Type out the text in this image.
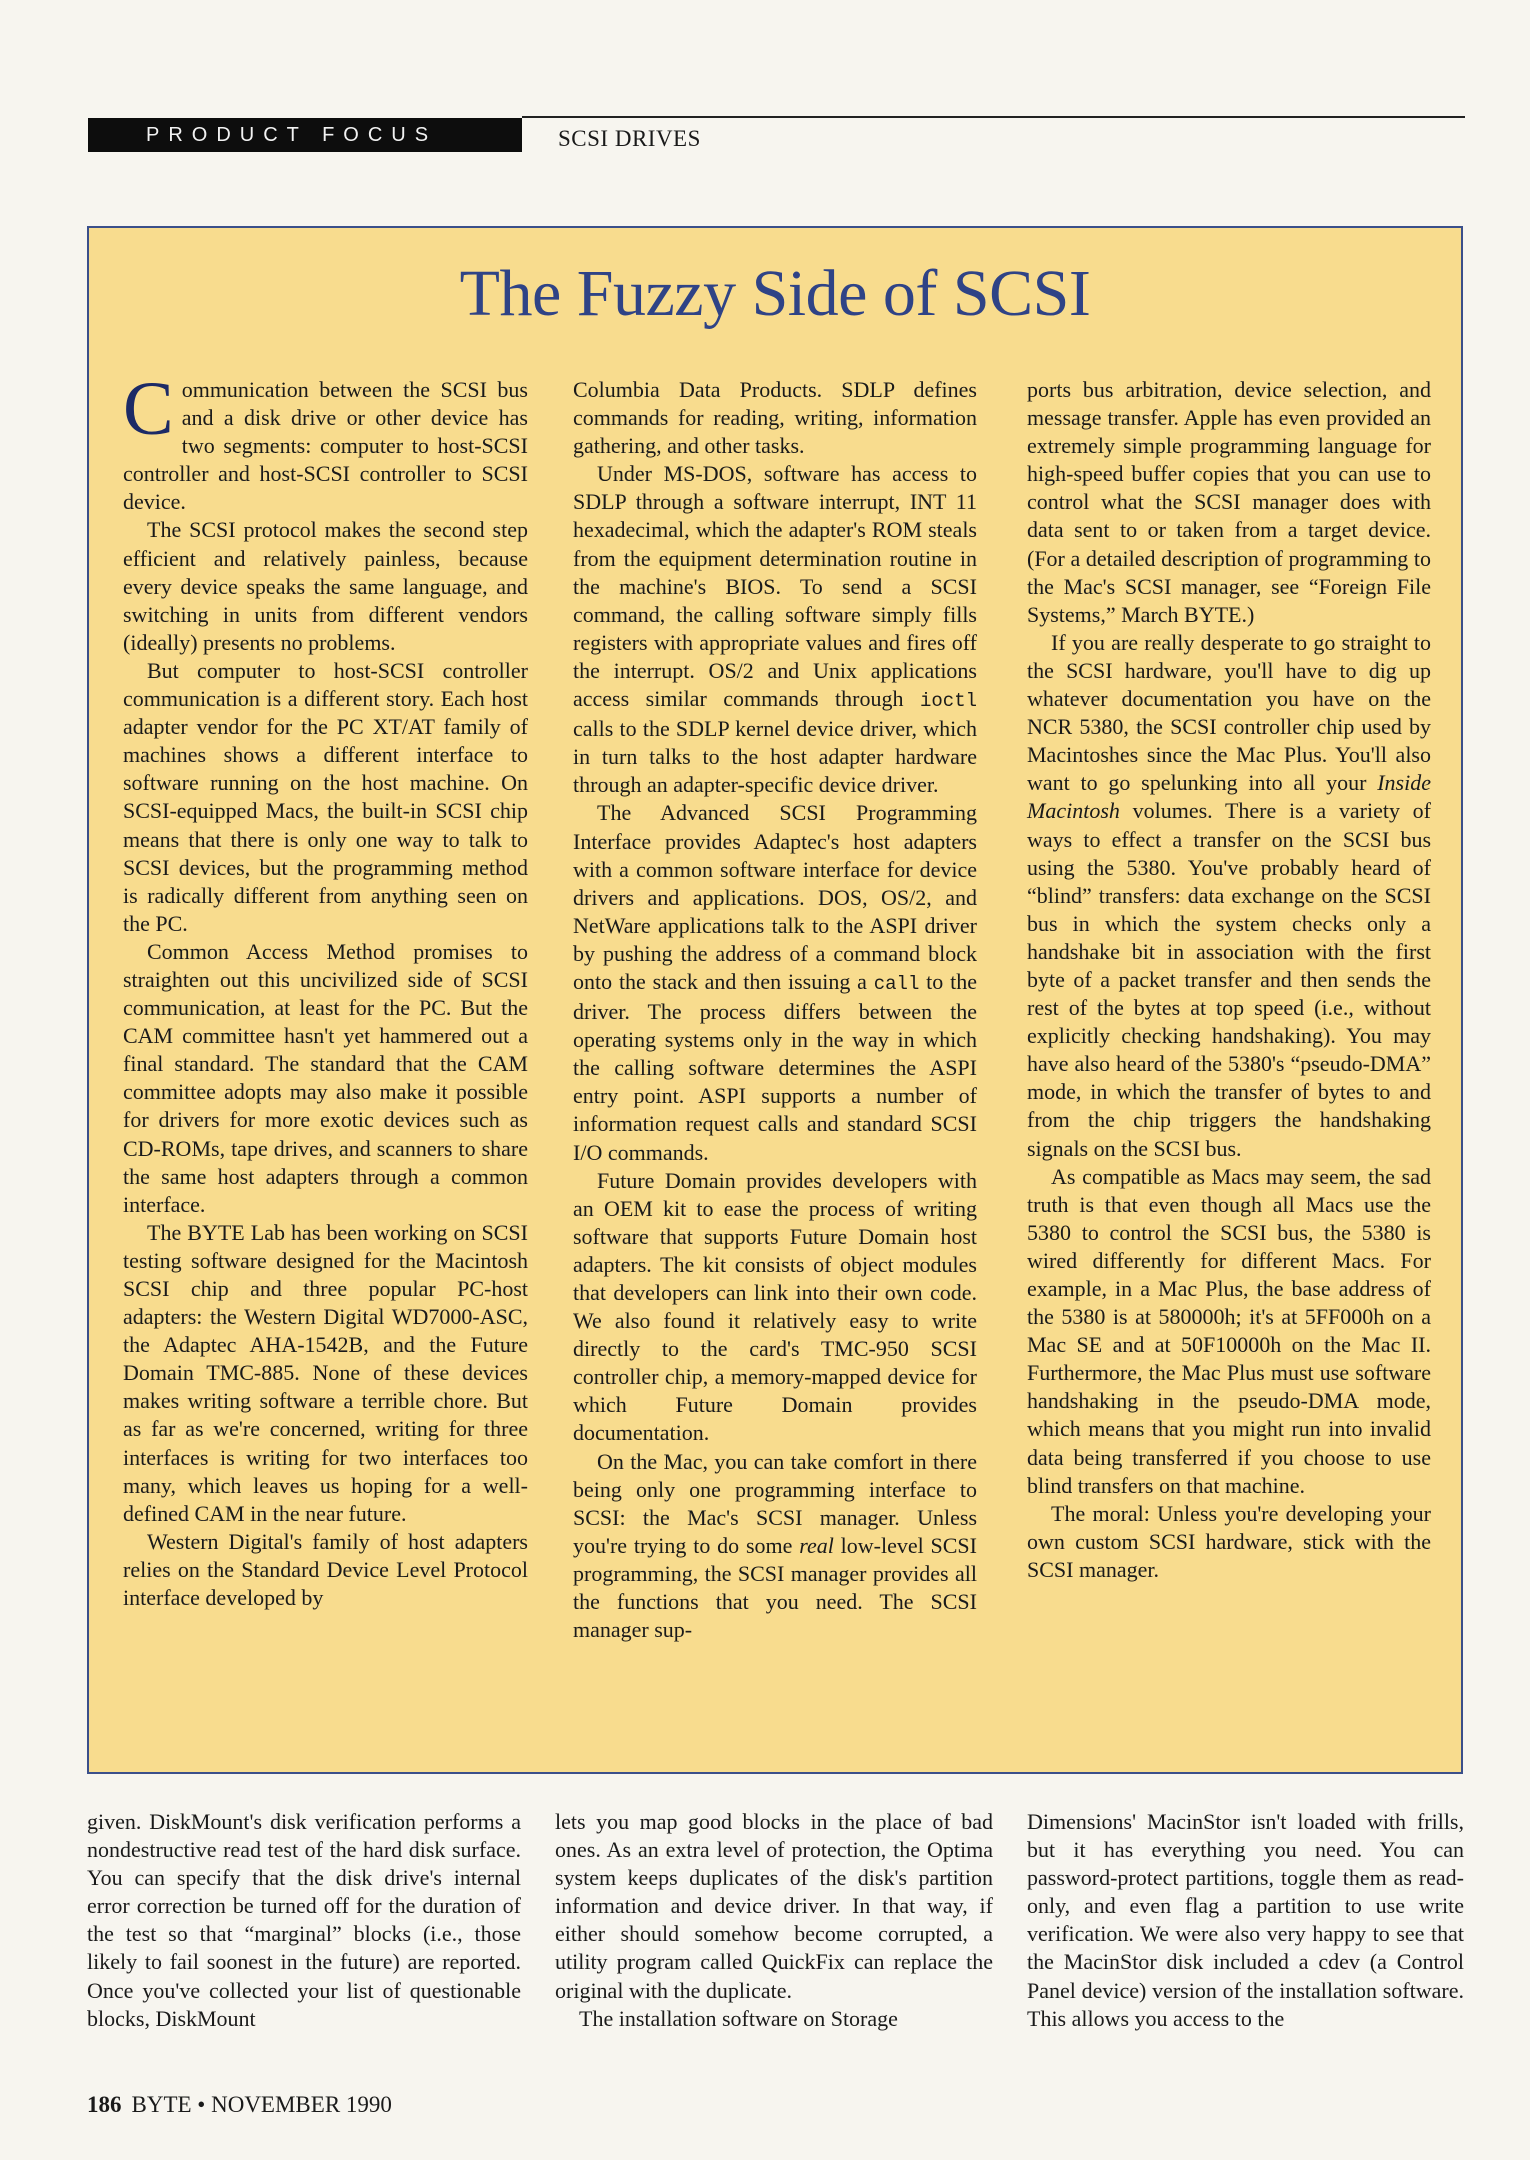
PRODUCT FOCUS	SCSI DRIVES
The Fuzzy Side of SCSI

Communication between the SCSI bus and a disk drive or other device has two segments: computer to host-SCSI controller and host-SCSI controller to SCSI device.

The SCSI protocol makes the second step efficient and relatively painless, because every device speaks the same language, and switching in units from different vendors (ideally) presents no problems.

But computer to host-SCSI controller communication is a different story. Each host adapter vendor for the PC XT/AT family of machines shows a different interface to software running on the host machine. On SCSI-equipped Macs, the built-in SCSI chip means that there is only one way to talk to SCSI devices, but the programming method is radically different from anything seen on the PC.

Common Access Method promises to straighten out this uncivilized side of SCSI communication, at least for the PC. But the CAM committee hasn't yet hammered out a final standard. The standard that the CAM committee adopts may also make it possible for drivers for more exotic devices such as CD-ROMs, tape drives, and scanners to share the same host adapters through a common interface.

The BYTE Lab has been working on SCSI testing software designed for the Macintosh SCSI chip and three popular PC-host adapters: the Western Digital WD7000-ASC, the Adaptec AHA-1542B, and the Future Domain TMC-885. None of these devices makes writing software a terrible chore. But as far as we're concerned, writing for three interfaces is writing for two interfaces too many, which leaves us hoping for a well-defined CAM in the near future.

Western Digital's family of host adapters relies on the Standard Device Level Protocol interface developed by

Columbia Data Products. SDLP defines commands for reading, writing, information gathering, and other tasks.

Under MS-DOS, software has access to SDLP through a software interrupt, INT 11 hexadecimal, which the adapter's ROM steals from the equipment determination routine in the machine's BIOS. To send a SCSI command, the calling software simply fills registers with appropriate values and fires off the interrupt. OS/2 and Unix applications access similar commands through ioctl calls to the SDLP kernel device driver, which in turn talks to the host adapter hardware through an adapter-specific device driver.

The Advanced SCSI Programming Interface provides Adaptec's host adapters with a common software interface for device drivers and applications. DOS, OS/2, and NetWare applications talk to the ASPI driver by pushing the address of a command block onto the stack and then issuing a call to the driver. The process differs between the operating systems only in the way in which the calling software determines the ASPI entry point. ASPI supports a number of information request calls and standard SCSI I/O commands.

Future Domain provides developers with an OEM kit to ease the process of writing software that supports Future Domain host adapters. The kit consists of object modules that developers can link into their own code. We also found it relatively easy to write directly to the card's TMC-950 SCSI controller chip, a memory-mapped device for which Future Domain provides documentation.

On the Mac, you can take comfort in there being only one programming interface to SCSI: the Mac's SCSI manager. Unless you're trying to do some real low-level SCSI programming, the SCSI manager provides all the functions that you need. The SCSI manager sup-

ports bus arbitration, device selection, and message transfer. Apple has even provided an extremely simple programming language for high-speed buffer copies that you can use to control what the SCSI manager does with data sent to or taken from a target device. (For a detailed description of programming to the Mac's SCSI manager, see “Foreign File Systems,” March BYTE.)

If you are really desperate to go straight to the SCSI hardware, you'll have to dig up whatever documentation you have on the NCR 5380, the SCSI controller chip used by Macintoshes since the Mac Plus. You'll also want to go spelunking into all your Inside Macintosh volumes. There is a variety of ways to effect a transfer on the SCSI bus using the 5380. You've probably heard of “blind” transfers: data exchange on the SCSI bus in which the system checks only a handshake bit in association with the first byte of a packet transfer and then sends the rest of the bytes at top speed (i.e., without explicitly checking handshaking). You may have also heard of the 5380's “pseudo-DMA” mode, in which the transfer of bytes to and from the chip triggers the handshaking signals on the SCSI bus.

As compatible as Macs may seem, the sad truth is that even though all Macs use the 5380 to control the SCSI bus, the 5380 is wired differently for different Macs. For example, in a Mac Plus, the base address of the 5380 is at 580000h; it's at 5FF000h on a Mac SE and at 50F10000h on the Mac II. Furthermore, the Mac Plus must use software handshaking in the pseudo-DMA mode, which means that you might run into invalid data being transferred if you choose to use blind transfers on that machine.

The moral: Unless you're developing your own custom SCSI hardware, stick with the SCSI manager.

given. DiskMount's disk verification performs a nondestructive read test of the hard disk surface. You can specify that the disk drive's internal error correction be turned off for the duration of the test so that “marginal” blocks (i.e., those likely to fail soonest in the future) are reported. Once you've collected your list of questionable blocks, DiskMount

lets you map good blocks in the place of bad ones. As an extra level of protection, the Optima system keeps duplicates of the disk's partition information and device driver. In that way, if either should somehow become corrupted, a utility program called QuickFix can replace the original with the duplicate.

The installation software on Storage

Dimensions' MacinStor isn't loaded with frills, but it has everything you need. You can password-protect partitions, toggle them as read-only, and even flag a partition to use write verification. We were also very happy to see that the MacinStor disk included a cdev (a Control Panel device) version of the installation software. This allows you access to the

186 BYTE • NOVEMBER 1990
